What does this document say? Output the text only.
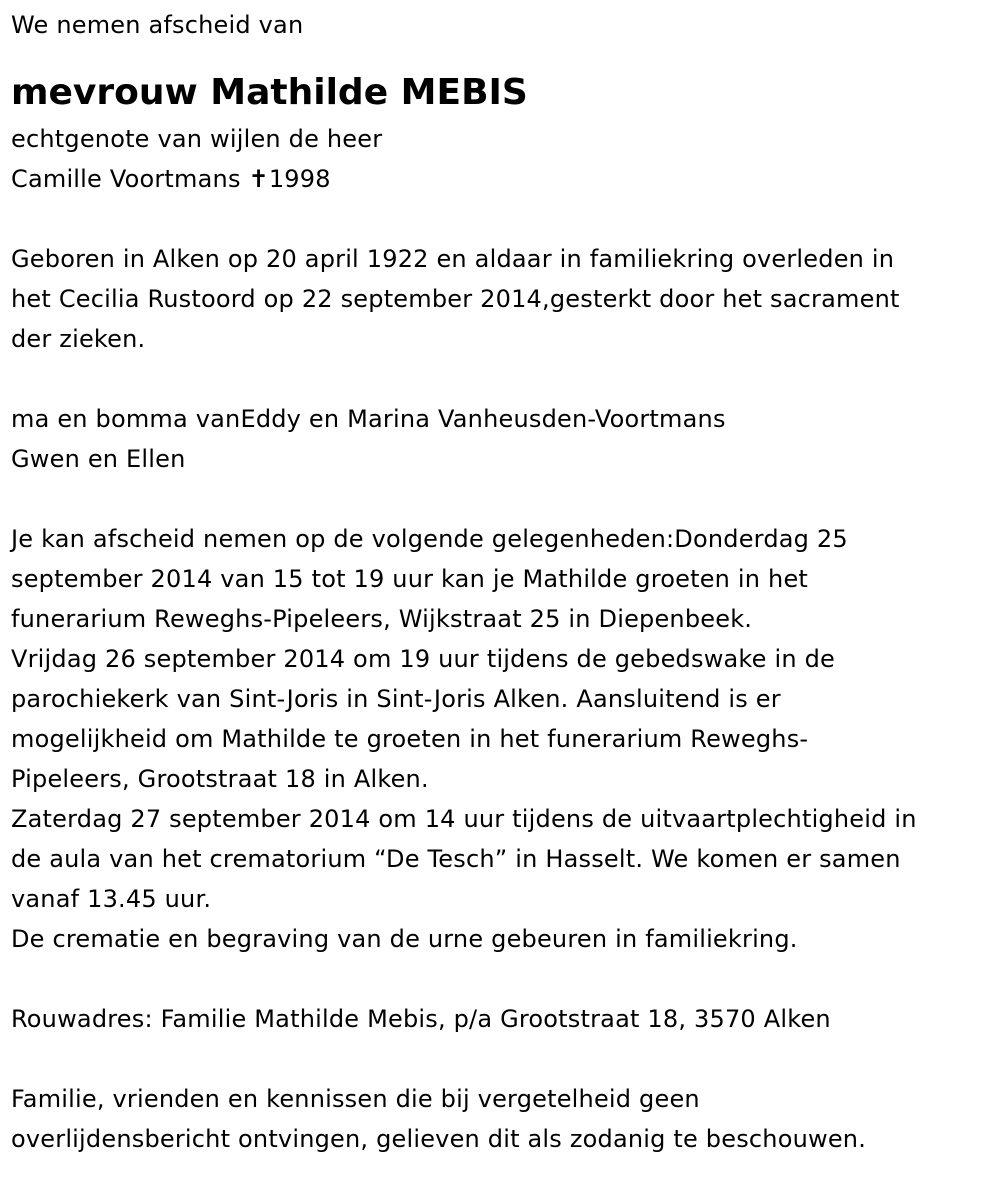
We nemen afscheid van

mevrouw Mathilde MEBIS

echtgenote van wijlen de heer

Camille Voortmans ✝1998

Geboren in Alken op 20 april 1922 en aldaar in familiekring overleden in

het Cecilia Rustoord op 22 september 2014,gesterkt door het sacrament

der zieken.

ma en bomma vanEddy en Marina Vanheusden-Voortmans

Gwen en Ellen

Je kan afscheid nemen op de volgende gelegenheden:Donderdag 25

september 2014 van 15 tot 19 uur kan je Mathilde groeten in het

funerarium Reweghs-Pipeleers, Wijkstraat 25 in Diepenbeek.

Vrijdag 26 september 2014 om 19 uur tijdens de gebedswake in de

parochiekerk van Sint-Joris in Sint-Joris Alken. Aansluitend is er

mogelijkheid om Mathilde te groeten in het funerarium Reweghs-

Pipeleers, Grootstraat 18 in Alken.

Zaterdag 27 september 2014 om 14 uur tijdens de uitvaartplechtigheid in

de aula van het crematorium “De Tesch” in Hasselt. We komen er samen

vanaf 13.45 uur.

De crematie en begraving van de urne gebeuren in familiekring.

Rouwadres: Familie Mathilde Mebis, p/a Grootstraat 18, 3570 Alken

Familie, vrienden en kennissen die bij vergetelheid geen

overlijdensbericht ontvingen, gelieven dit als zodanig te beschouwen.
